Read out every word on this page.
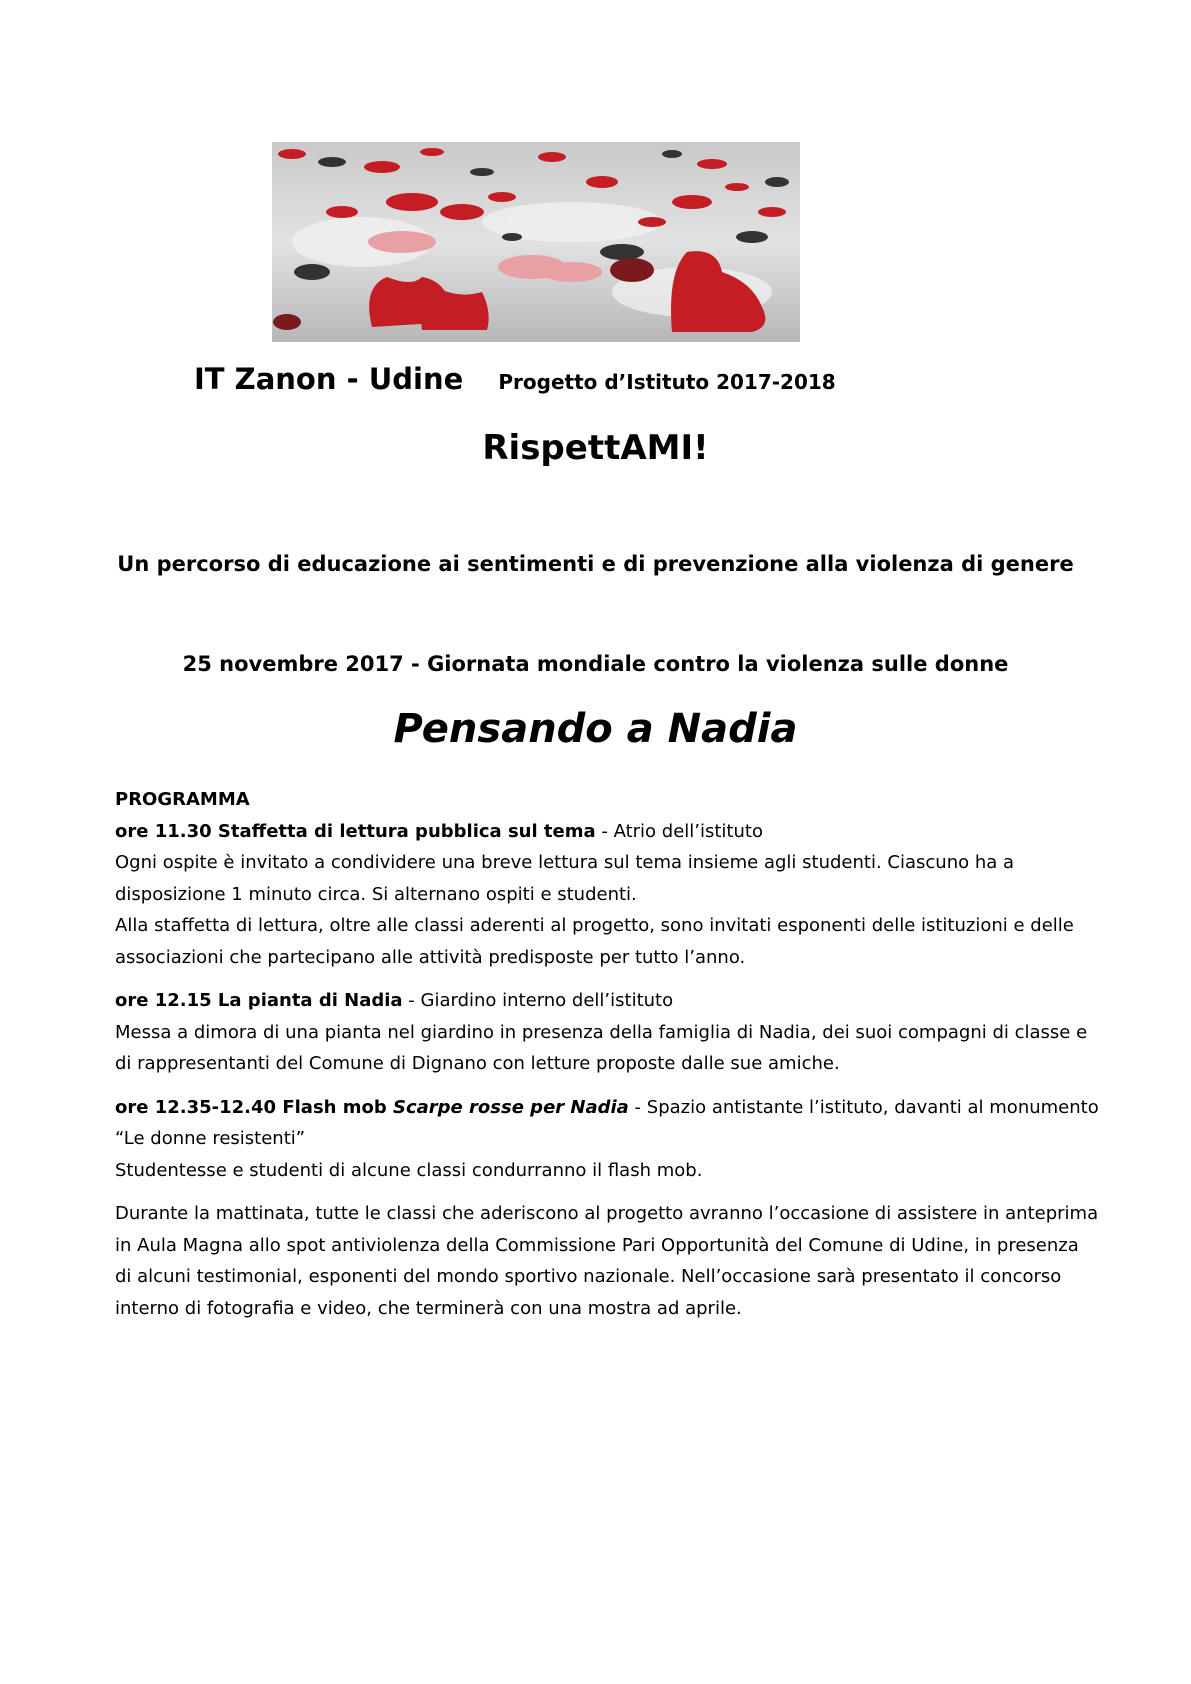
IT Zanon - Udine Progetto d’Istituto 2017-2018
RispettAMI!
Un percorso di educazione ai sentimenti e di prevenzione alla violenza di genere
25 novembre 2017 - Giornata mondiale contro la violenza sulle donne
Pensando a Nadia

PROGRAMMA

ore 11.30 Staffetta di lettura pubblica sul tema - Atrio dell’istituto
Ogni ospite è invitato a condividere una breve lettura sul tema insieme agli studenti. Ciascuno ha a disposizione 1 minuto circa. Si alternano ospiti e studenti.
Alla staffetta di lettura, oltre alle classi aderenti al progetto, sono invitati esponenti delle istituzioni e delle associazioni che partecipano alle attività predisposte per tutto l’anno.

ore 12.15 La pianta di Nadia - Giardino interno dell’istituto
Messa a dimora di una pianta nel giardino in presenza della famiglia di Nadia, dei suoi compagni di classe e di rappresentanti del Comune di Dignano con letture proposte dalle sue amiche.

ore 12.35-12.40 Flash mob Scarpe rosse per Nadia - Spazio antistante l’istituto, davanti al monumento “Le donne resistenti”
Studentesse e studenti di alcune classi condurranno il flash mob.

Durante la mattinata, tutte le classi che aderiscono al progetto avranno l’occasione di assistere in anteprima in Aula Magna allo spot antiviolenza della Commissione Pari Opportunità del Comune di Udine, in presenza di alcuni testimonial, esponenti del mondo sportivo nazionale. Nell’occasione sarà presentato il concorso interno di fotografia e video, che terminerà con una mostra ad aprile.
